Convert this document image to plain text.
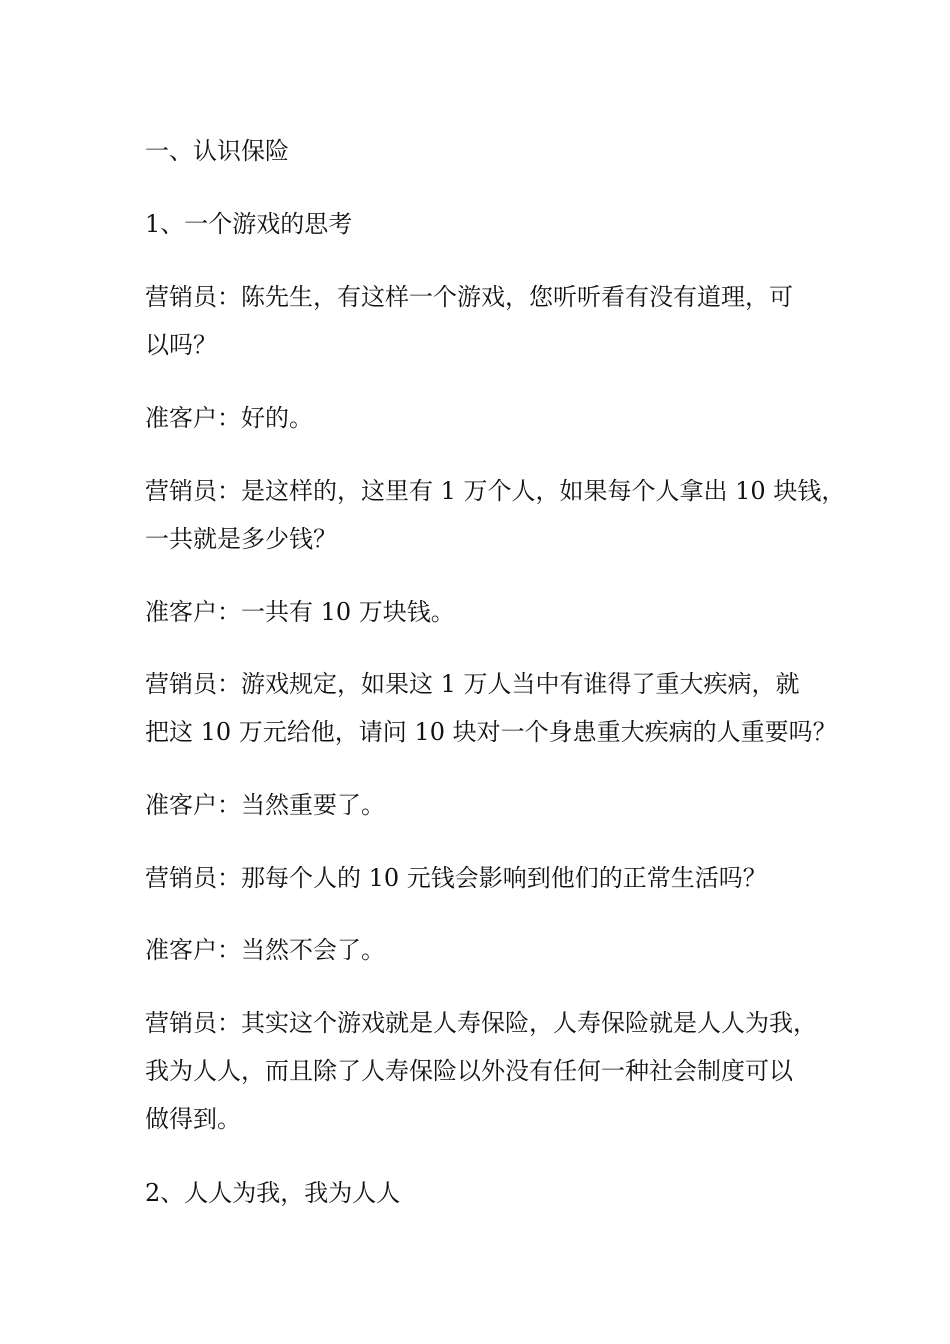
一、认识保险
1、一个游戏的思考
营销员：陈先生，有这样一个游戏，您听听看有没有道理，可
以吗？
准客户：好的。
营销员：是这样的，这里有 1 万个人，如果每个人拿出 10 块钱，
一共就是多少钱？
准客户：一共有 10 万块钱。
营销员：游戏规定，如果这 1 万人当中有谁得了重大疾病，就
把这 10 万元给他，请问 10 块对一个身患重大疾病的人重要吗？
准客户：当然重要了。
营销员：那每个人的 10 元钱会影响到他们的正常生活吗？
准客户：当然不会了。
营销员：其实这个游戏就是人寿保险，人寿保险就是人人为我，
我为人人，而且除了人寿保险以外没有任何一种社会制度可以
做得到。
2、人人为我，我为人人
